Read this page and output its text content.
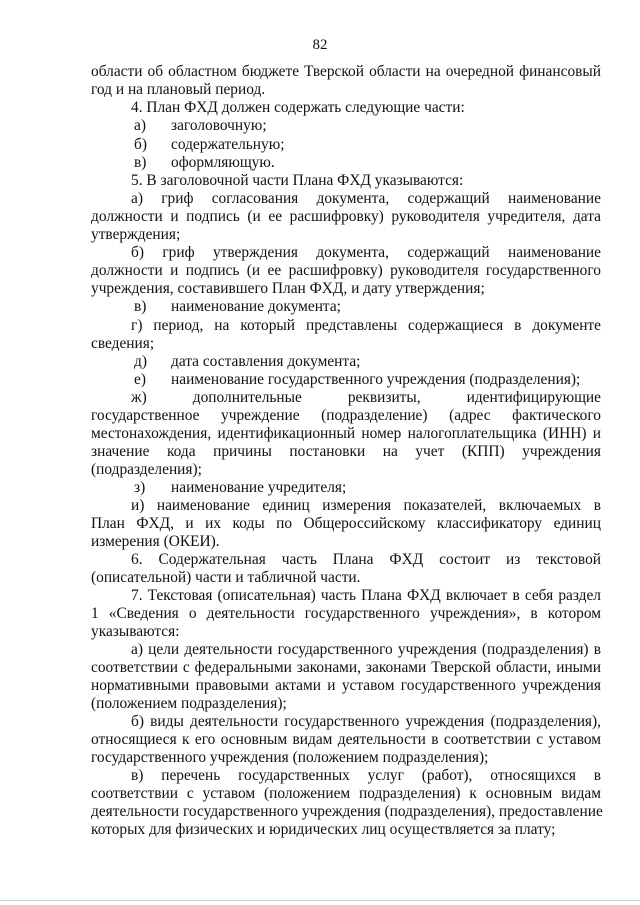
82
области об областном бюджете Тверской области на очередной финансовый
год и на плановый период.
4. План ФХД должен содержать следующие части:
а) заголовочную;
б) содержательную;
в) оформляющую.
5. В заголовочной части Плана ФХД указываются:
а) гриф согласования документа, содержащий наименование
должности и подпись (и ее расшифровку) руководителя учредителя, дата
утверждения;
б) гриф утверждения документа, содержащий наименование
должности и подпись (и ее расшифровку) руководителя государственного
учреждения, составившего План ФХД, и дату утверждения;
в) наименование документа;
г) период, на который представлены содержащиеся в документе
сведения;
д) дата составления документа;
е) наименование государственного учреждения (подразделения);
ж) дополнительные реквизиты, идентифицирующие
государственное учреждение (подразделение) (адрес фактического
местонахождения, идентификационный номер налогоплательщика (ИНН) и
значение кода причины постановки на учет (КПП) учреждения
(подразделения);
з) наименование учредителя;
и) наименование единиц измерения показателей, включаемых в
План ФХД, и их коды по Общероссийскому классификатору единиц
измерения (ОКЕИ).
6. Содержательная часть Плана ФХД состоит из текстовой
(описательной) части и табличной части.
7. Текстовая (описательная) часть Плана ФХД включает в себя раздел
1 «Сведения о деятельности государственного учреждения», в котором
указываются:
а) цели деятельности государственного учреждения (подразделения) в
соответствии с федеральными законами, законами Тверской области, иными
нормативными правовыми актами и уставом государственного учреждения
(положением подразделения);
б) виды деятельности государственного учреждения (подразделения),
относящиеся к его основным видам деятельности в соответствии с уставом
государственного учреждения (положением подразделения);
в) перечень государственных услуг (работ), относящихся в
соответствии с уставом (положением подразделения) к основным видам
деятельности государственного учреждения (подразделения), предоставление
которых для физических и юридических лиц осуществляется за плату;
